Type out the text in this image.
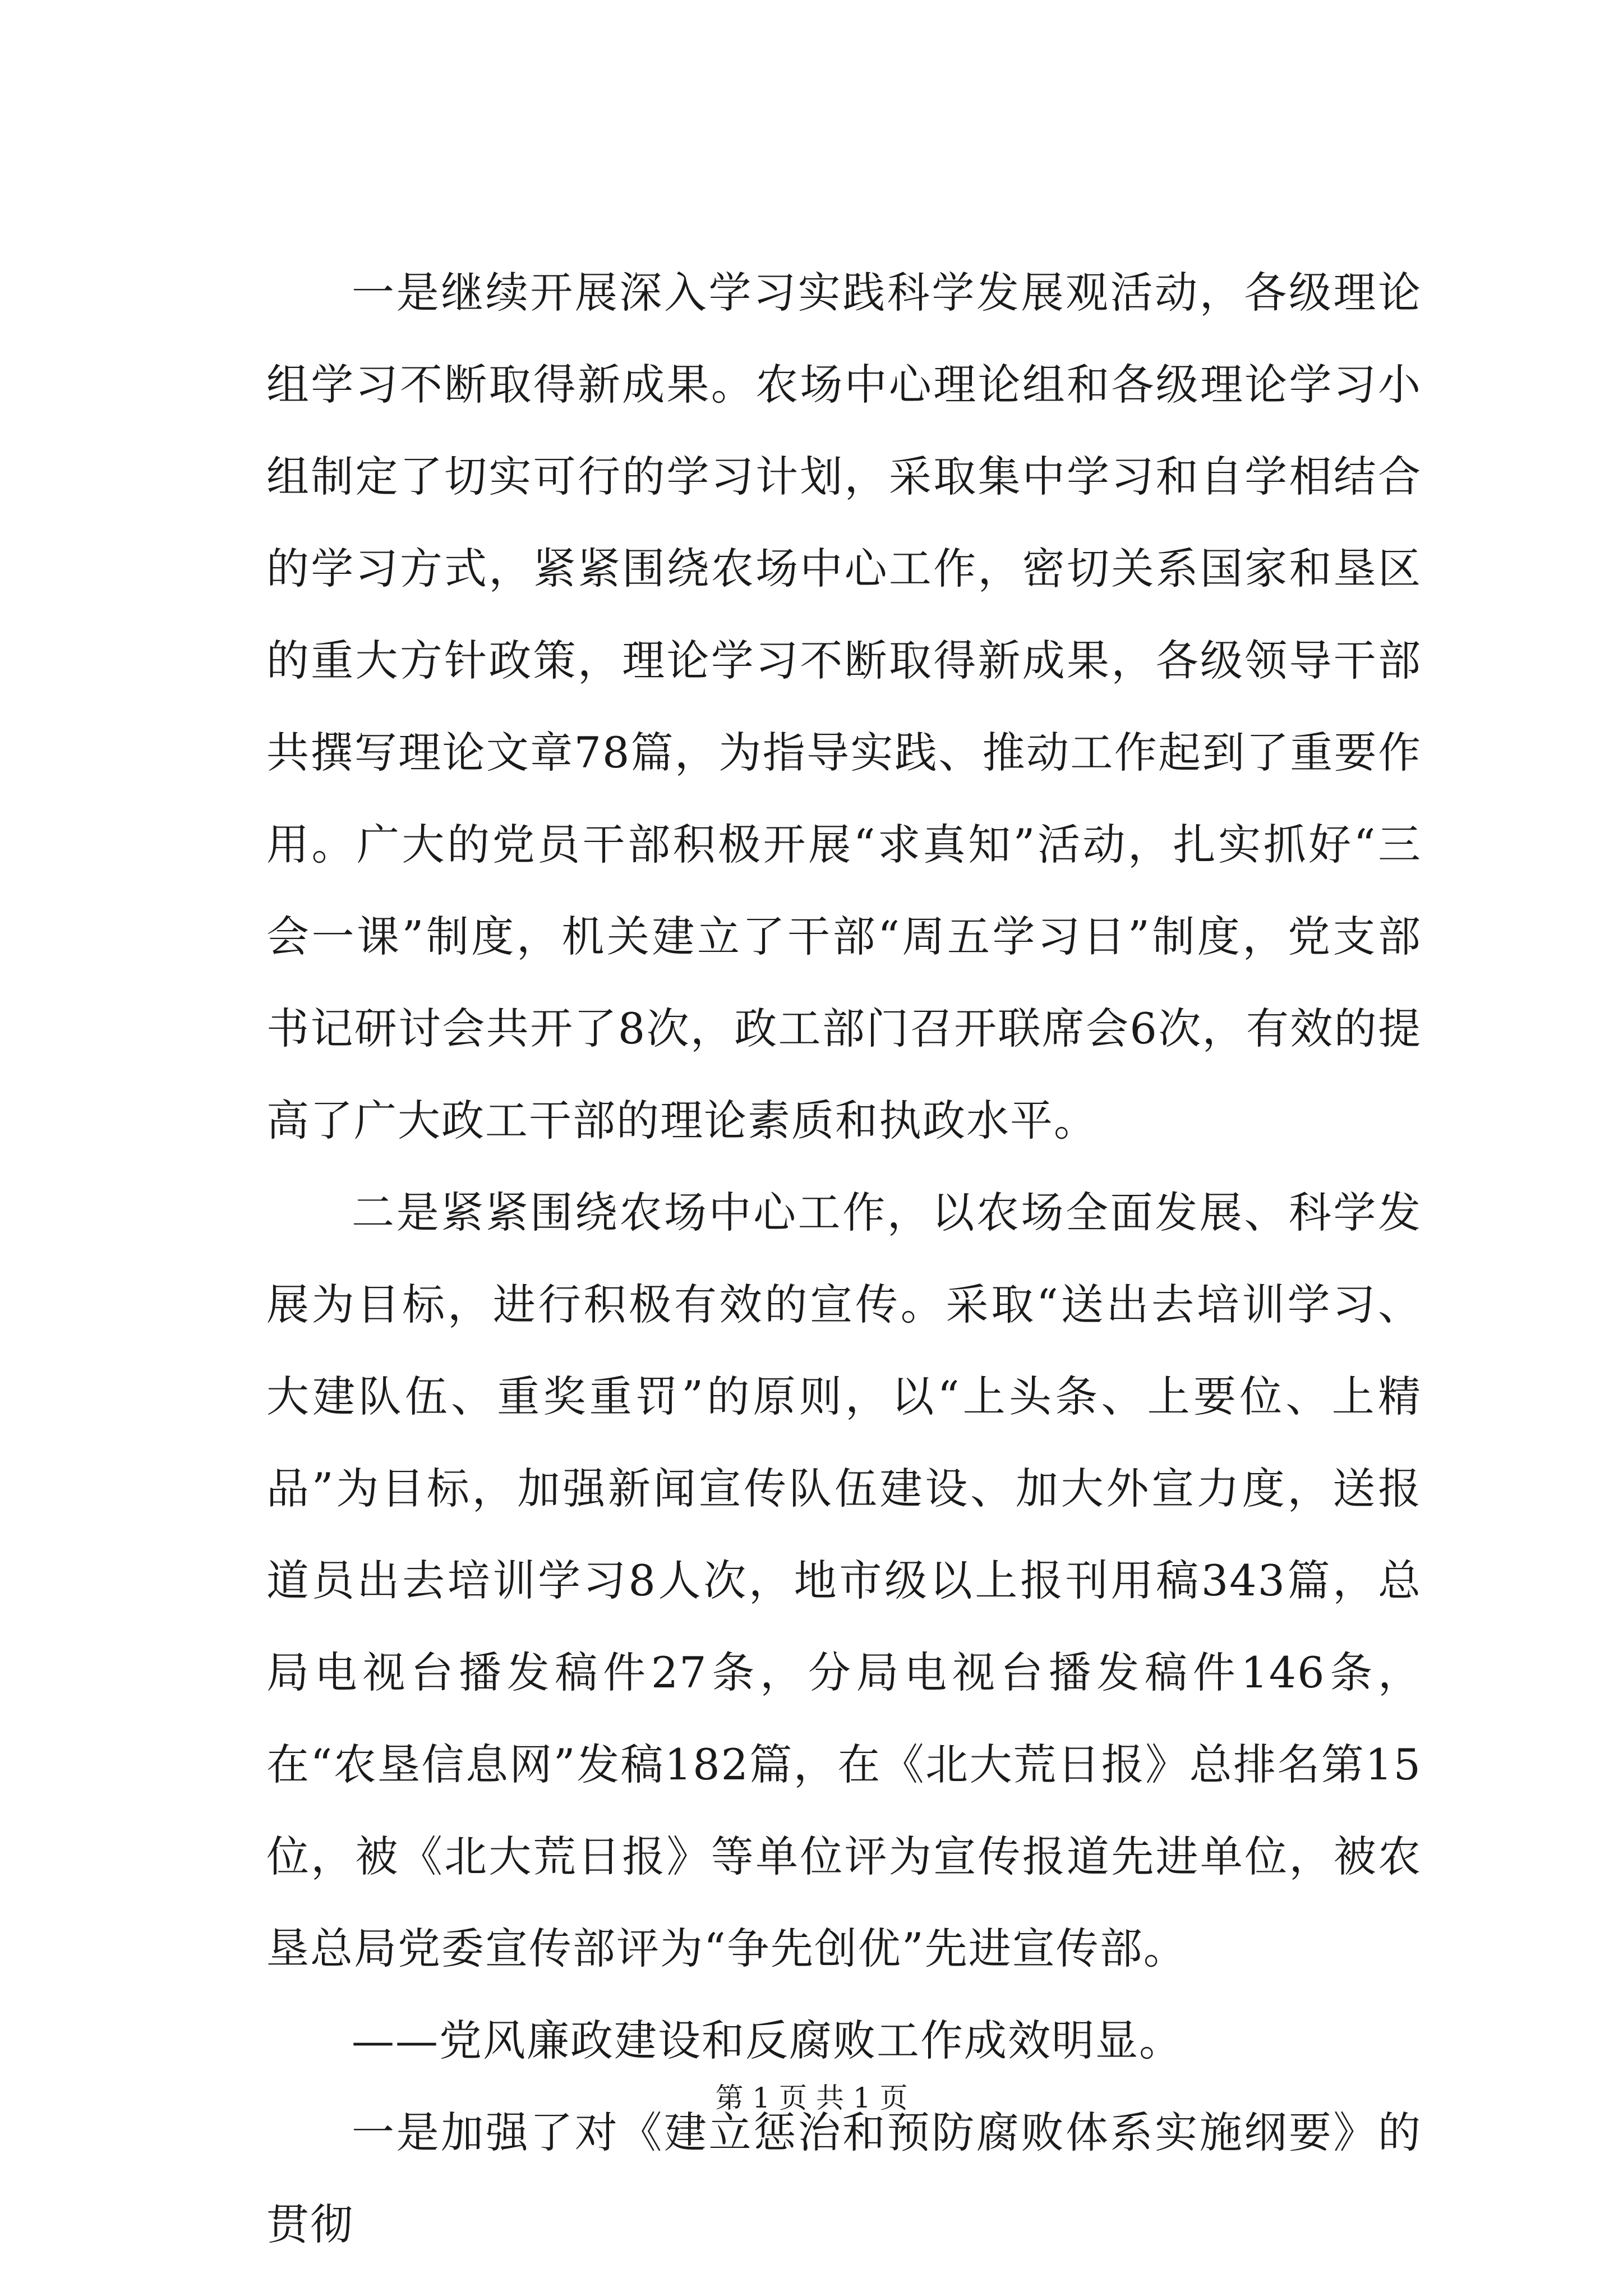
一是继续开展深入学习实践科学发展观活动，各级理论组学习不断取得新成果。农场中心理论组和各级理论学习小组制定了切实可行的学习计划，采取集中学习和自学相结合的学习方式，紧紧围绕农场中心工作，密切关系国家和垦区的重大方针政策，理论学习不断取得新成果，各级领导干部共撰写理论文章78篇，为指导实践、推动工作起到了重要作用。广大的党员干部积极开展“求真知”活动，扎实抓好“三会一课”制度，机关建立了干部“周五学习日”制度，党支部书记研讨会共开了8次，政工部门召开联席会6次，有效的提高了广大政工干部的理论素质和执政水平。

二是紧紧围绕农场中心工作，以农场全面发展、科学发展为目标，进行积极有效的宣传。采取“送出去培训学习、大建队伍、重奖重罚”的原则，以“上头条、上要位、上精品”为目标，加强新闻宣传队伍建设、加大外宣力度，送报道员出去培训学习8人次，地市级以上报刊用稿343篇，总局电视台播发稿件27条，分局电视台播发稿件146条，在“农垦信息网”发稿182篇，在《北大荒日报》总排名第15位，被《北大荒日报》等单位评为宣传报道先进单位，被农垦总局党委宣传部评为“争先创优”先进宣传部。

——党风廉政建设和反腐败工作成效明显。

一是加强了对《建立惩治和预防腐败体系实施纲要》的贯彻

第 1 页 共 1 页
